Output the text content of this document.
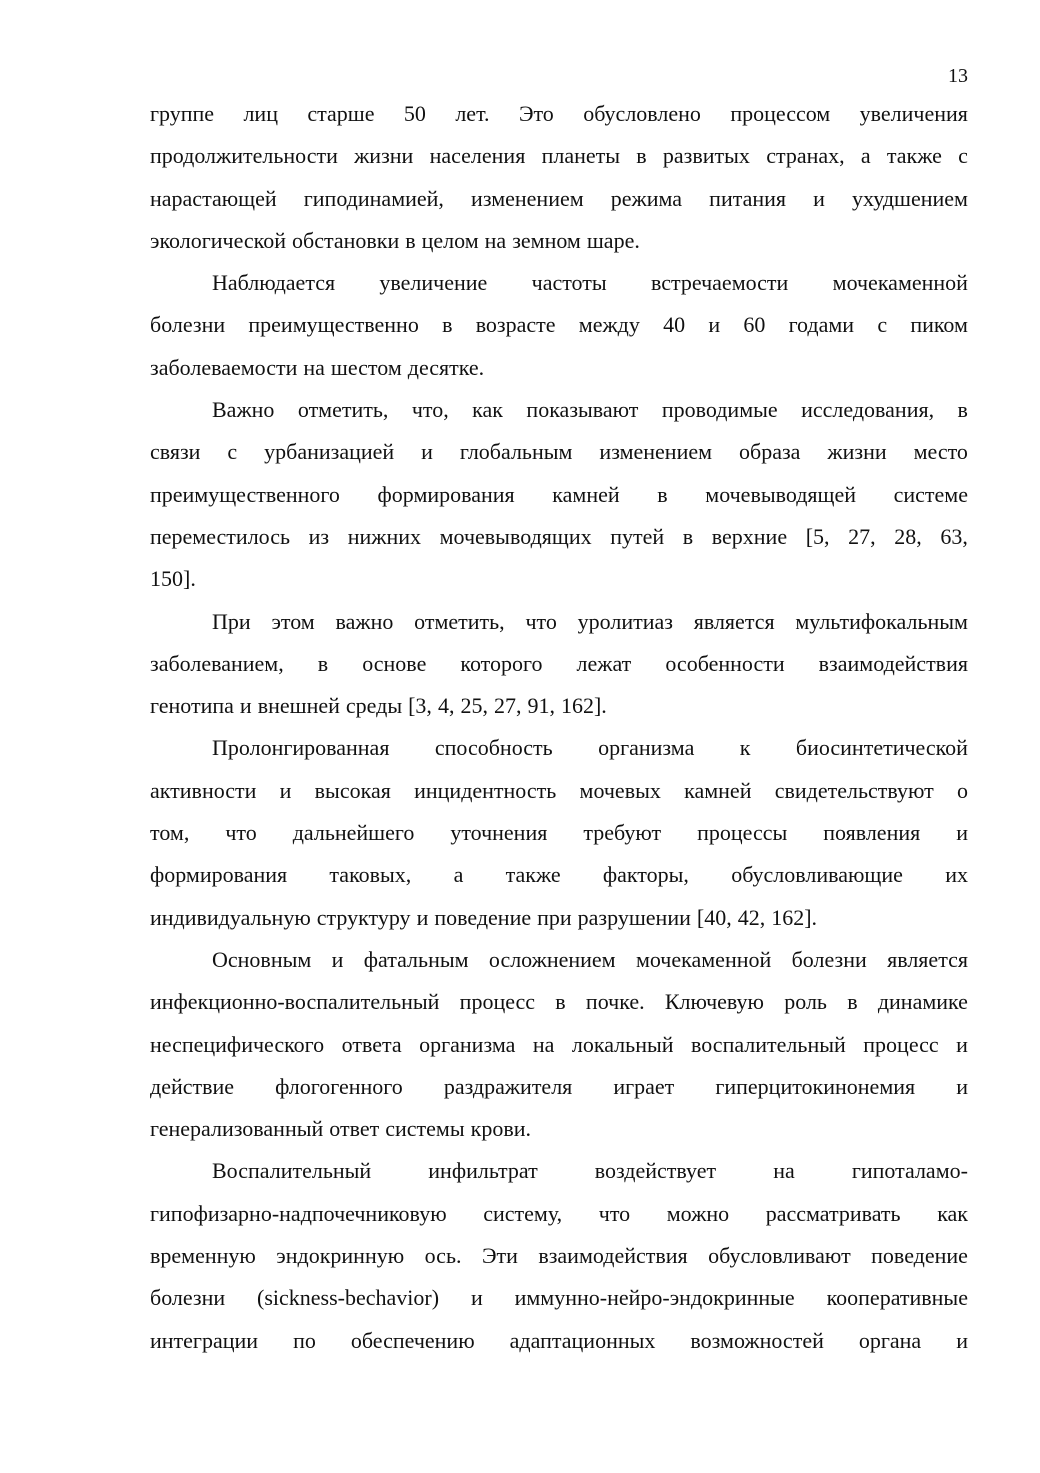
13
группе лиц старше 50 лет. Это обусловлено процессом увеличения
продолжительности жизни населения планеты в развитых странах, а также с
нарастающей гиподинамией, изменением режима питания и ухудшением
экологической обстановки в целом на земном шаре.
Наблюдается увеличение частоты встречаемости мочекаменной
болезни преимущественно в возрасте между 40 и 60 годами с пиком
заболеваемости на шестом десятке.
Важно отметить, что, как показывают проводимые исследования, в
связи с урбанизацией и глобальным изменением образа жизни место
преимущественного формирования камней в мочевыводящей системе
переместилось из нижних мочевыводящих путей в верхние [5, 27, 28, 63,
150].
При этом важно отметить, что уролитиаз является мультифокальным
заболеванием, в основе которого лежат особенности взаимодействия
генотипа и внешней среды [3, 4, 25, 27, 91, 162].
Пролонгированная способность организма к биосинтетической
активности и высокая инцидентность мочевых камней свидетельствуют о
том, что дальнейшего уточнения требуют процессы появления и
формирования таковых, а также факторы, обусловливающие их
индивидуальную структуру и поведение при разрушении [40, 42, 162].
Основным и фатальным осложнением мочекаменной болезни является
инфекционно-воспалительный процесс в почке. Ключевую роль в динамике
неспецифического ответа организма на локальный воспалительный процесс и
действие флогогенного раздражителя играет гиперцитокинонемия и
генерализованный ответ системы крови.
Воспалительный	инфильтрат	воздействует	на	гипоталамо-
гипофизарно-надпочечниковую систему, что можно рассматривать как
временную эндокринную ось. Эти взаимодействия обусловливают поведение
болезни (sickness-bechavior) и иммунно-нейро-эндокринные кооперативные
интеграции по обеспечению адаптационных возможностей органа и
